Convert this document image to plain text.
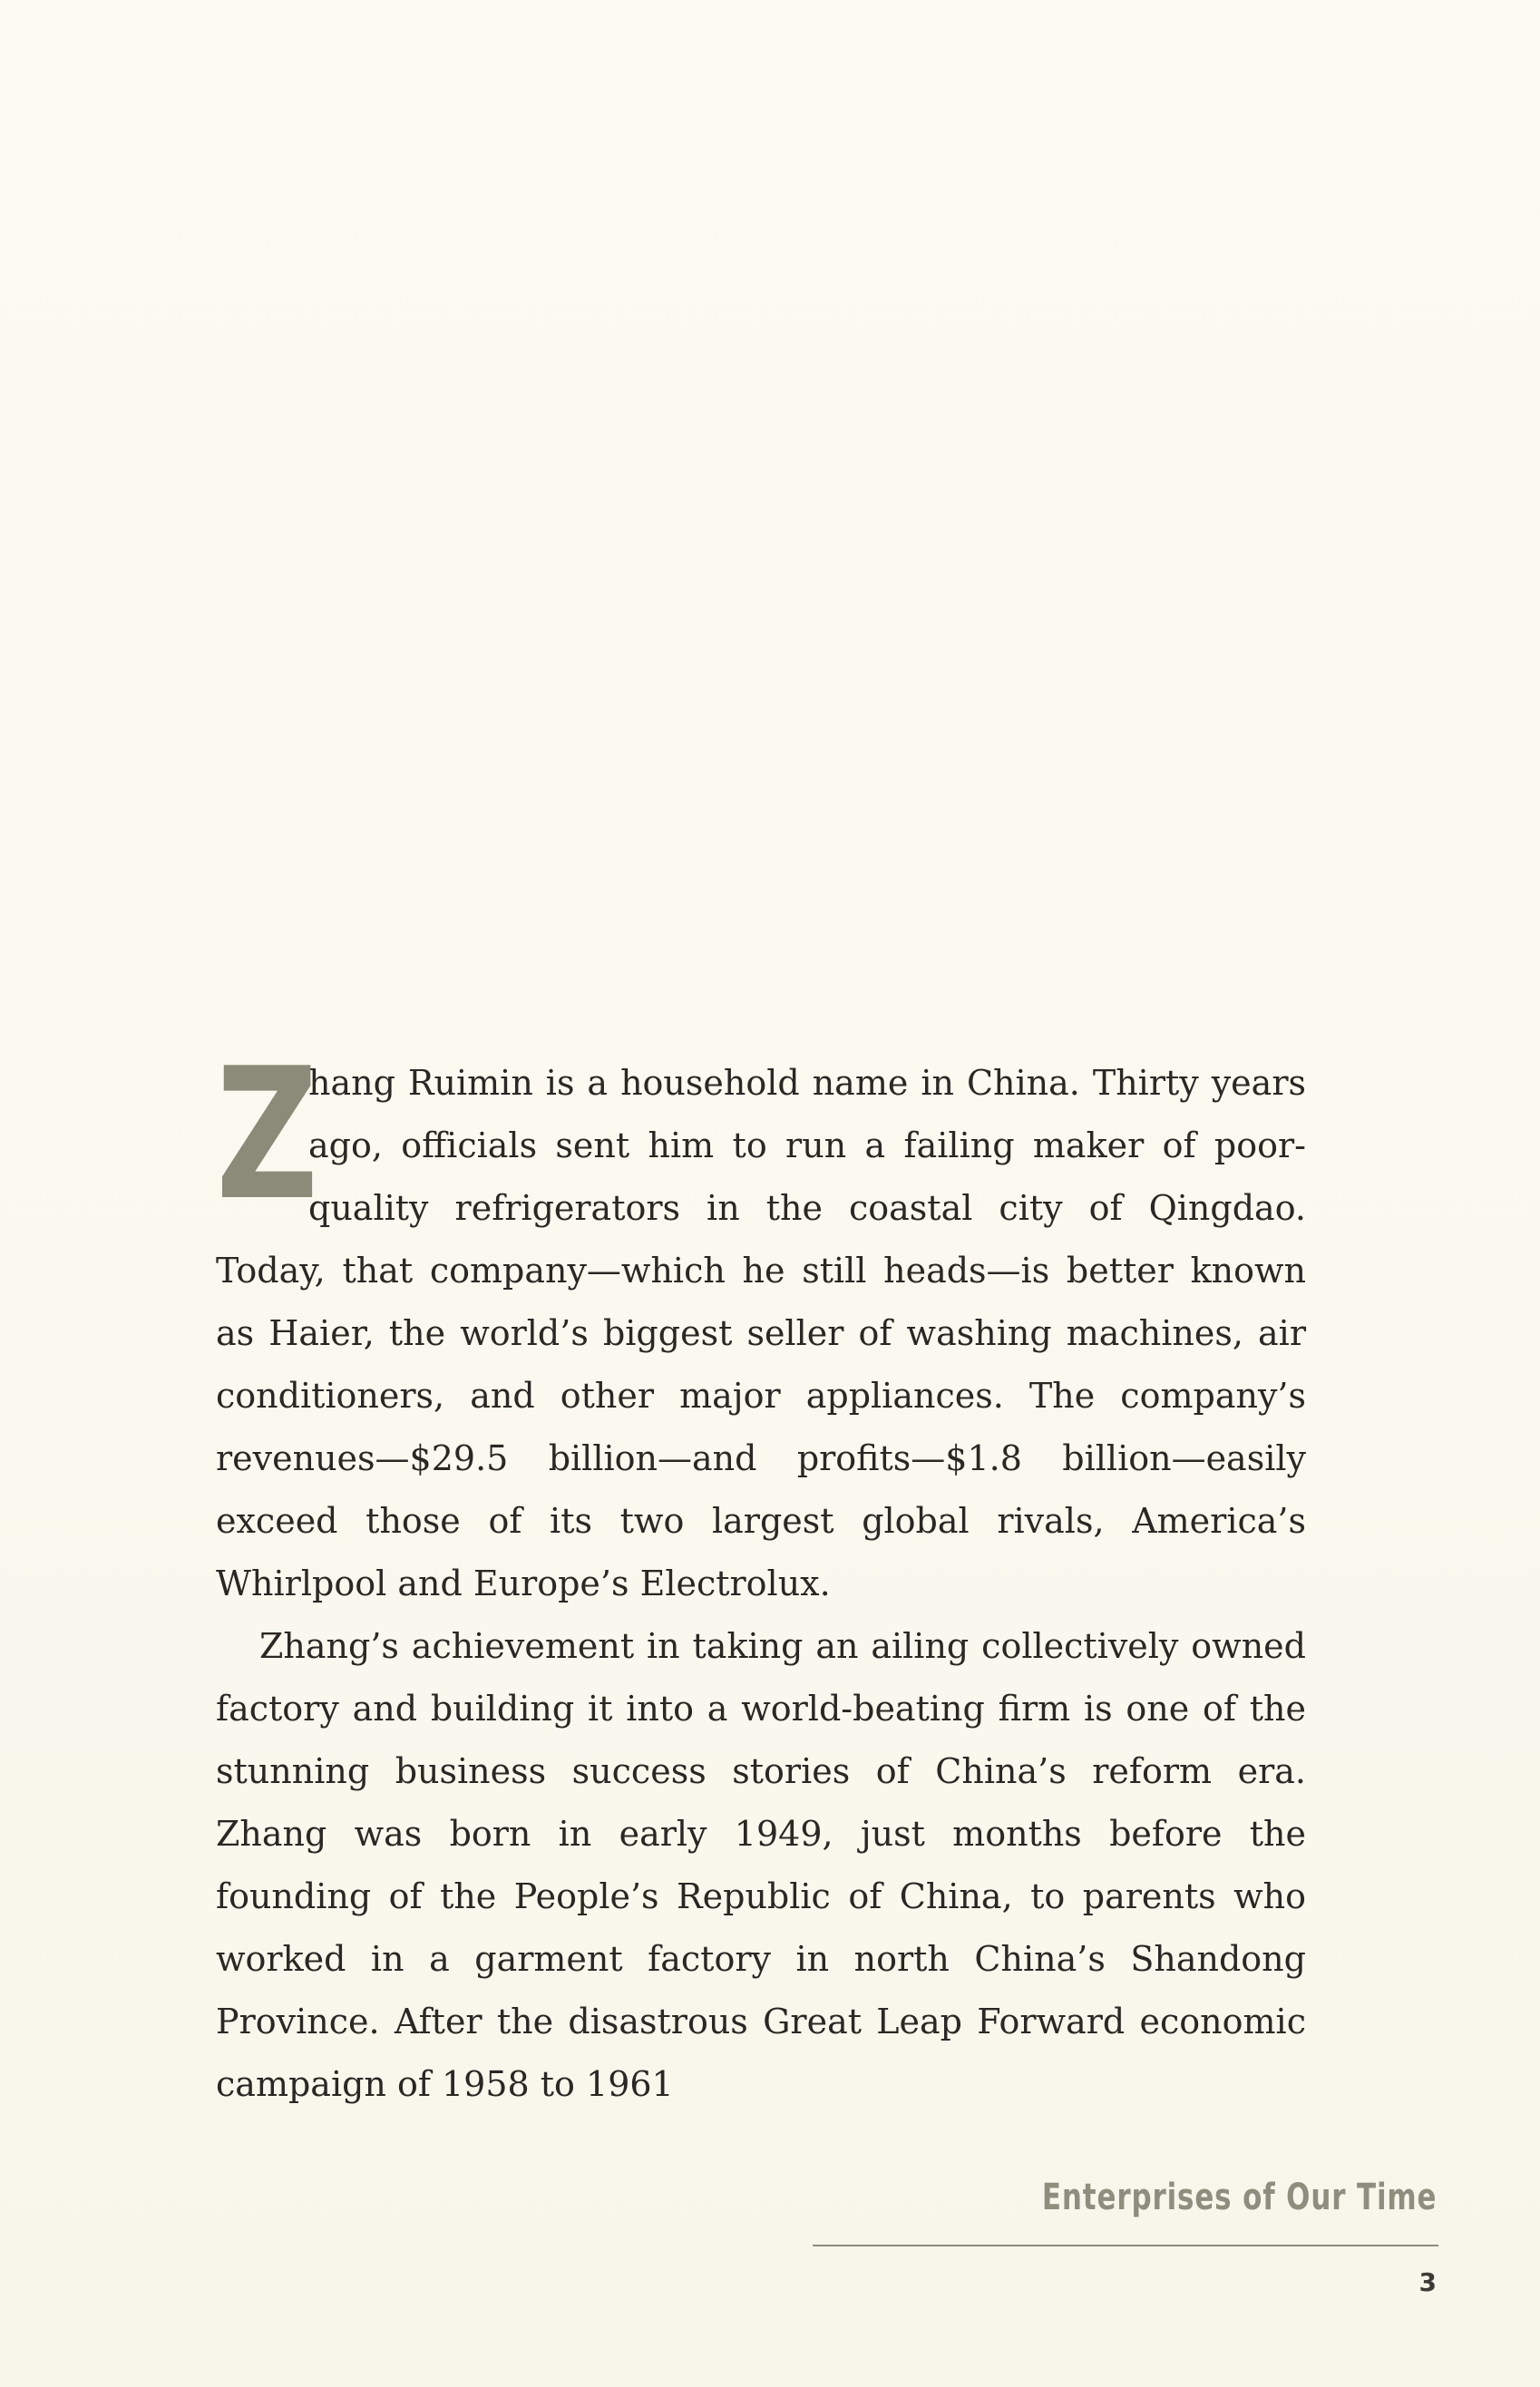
Z
hang Ruimin is a household name in China. Thirty years ago, officials sent him to run a failing maker of poor-quality refrigerators in the coastal city of Qingdao. Today, that company—which he still heads—is better known as Haier, the world’s biggest seller of washing machines, air conditioners, and other major appliances. The company’s revenues—$29.5 billion—and profits—$1.8 billion—easily exceed those of its two largest global rivals, America’s Whirlpool and Europe’s Electrolux.

Zhang’s achievement in taking an ailing collectively owned factory and building it into a world-beating firm is one of the stunning business success stories of China’s reform era. Zhang was born in early 1949, just months before the founding of the People’s Republic of China, to parents who worked in a garment factory in north China’s Shandong Province. After the disastrous Great Leap Forward economic campaign of 1958 to 1961

Enterprises of Our Time
3
